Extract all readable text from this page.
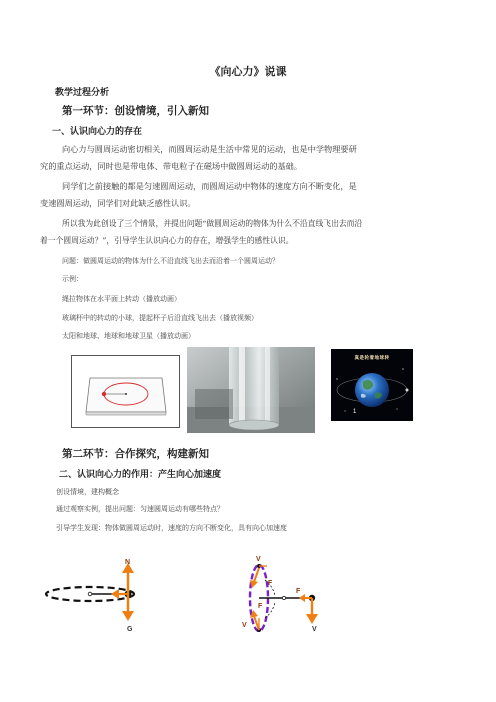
《向心力》说课
教学过程分析
第一环节：创设情境，引入新知
一、认识向心力的存在
向心力与圆周运动密切相关，而圆周运动是生活中常见的运动，也是中学物理要研
究的重点运动，同时也是带电体、带电粒子在磁场中做圆周运动的基础。
同学们之前接触的都是匀速圆周运动，而圆周运动中物体的速度方向不断变化，是
变速圆周运动，同学们对此缺乏感性认识。
所以我为此创设了三个情景，并提出问题“做圆周运动的物体为什么不沿直线飞出去而沿
着一个圆周运动？”，引导学生认识向心力的存在，增强学生的感性认识。
问题：做圆周运动的物体为什么不沿直线飞出去而沿着一个圆周运动？
示例：
绳拉物体在水平面上转动（播放动画）
玻璃杯中的转动的小球，提起杯子后沿直线飞出去（播放视频）
太阳和地球、地球和地球卫星（播放动画）
真是轮着地球转
1
第二环节：合作探究，构建新知
二、认识向心力的作用：产生向心加速度
创设情境，建构概念
通过观察实例，提出问题：匀速圆周运动有哪些特点？
引导学生发现：物体做圆周运动时，速度的方向不断变化，具有向心加速度
N
G
V
F
F
F
V
V
